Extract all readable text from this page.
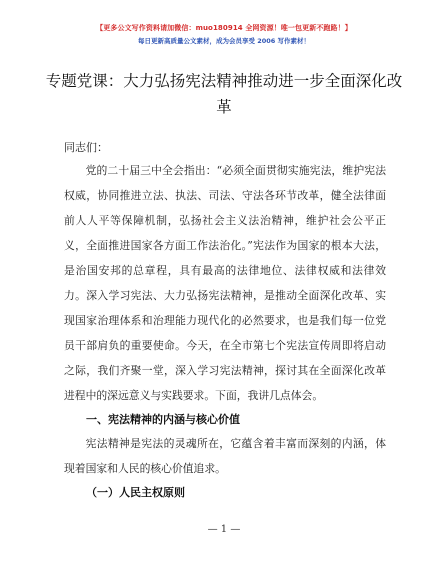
【更多公文写作资料请加微信：muo180914 全网资源！唯一包更新不跑路！】
每日更新高质量公文素材，成为会员享受 2006 写作素材！
专题党课：大力弘扬宪法精神推动进一步全面深化改革
同志们：
党的二十届三中全会指出：“必须全面贯彻实施宪法，维护宪法权威，协同推进立法、执法、司法、守法各环节改革，健全法律面前人人平等保障机制，弘扬社会主义法治精神，维护社会公平正义，全面推进国家各方面工作法治化。”宪法作为国家的根本大法，是治国安邦的总章程，具有最高的法律地位、法律权威和法律效力。深入学习宪法、大力弘扬宪法精神，是推动全面深化改革、实现国家治理体系和治理能力现代化的必然要求，也是我们每一位党员干部肩负的重要使命。今天，在全市第七个宪法宣传周即将启动之际，我们齐聚一堂，深入学习宪法精神，探讨其在全面深化改革进程中的深远意义与实践要求。下面，我讲几点体会。
一、宪法精神的内涵与核心价值
宪法精神是宪法的灵魂所在，它蕴含着丰富而深刻的内涵，体现着国家和人民的核心价值追求。
（一）人民主权原则
— 1 —
